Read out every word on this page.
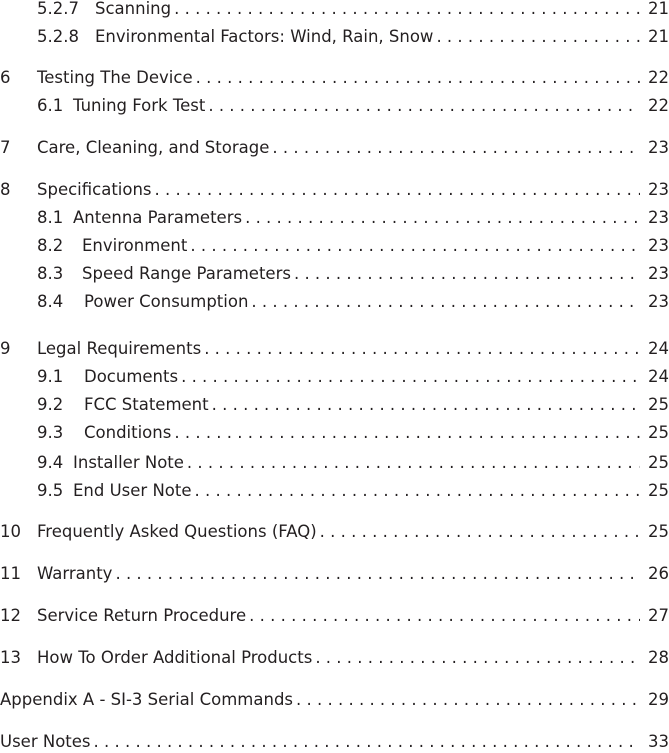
5.2.7 Scanning . . .	21
5.2.8 Environmental Factors: Wind, Rain, Snow . . .	21
6	Testing The Device . . .	22
6.1 Tuning Fork Test . . .	22
7	Care, Cleaning, and Storage . . .	23
8	Specifications . . .	23
8.1 Antenna Parameters . . .	23
8.2	Environment . . .	23
8.3	Speed Range Parameters . . .	23
8.4	Power Consumption . . .	23
9	Legal Requirements . . .	24
9.1	Documents . . .	24
9.2	FCC Statement . . .	25
9.3	Conditions . . .	25
9.4 Installer Note . . .	25
9.5 End User Note . . .	25
10 Frequently Asked Questions (FAQ) . . .	25
11 Warranty . . .	26
12 Service Return Procedure . . .	27
13 How To Order Additional Products . . .	28
Appendix A - SI-3 Serial Commands . . .	29
User Notes . . .	33
